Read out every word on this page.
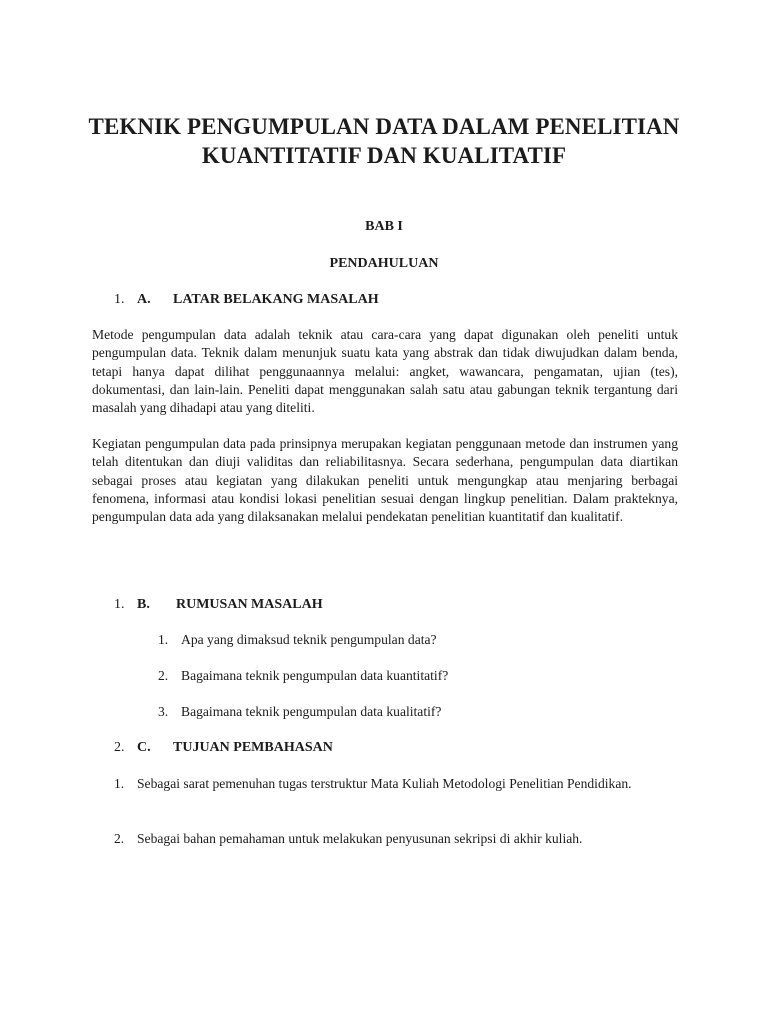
TEKNIK PENGUMPULAN DATA DALAM PENELITIAN
KUANTITATIF DAN KUALITATIF
BAB I
PENDAHULUAN
1. A. LATAR BELAKANG MASALAH
Metode pengumpulan data adalah teknik atau cara-cara yang dapat digunakan oleh peneliti untuk pengumpulan data. Teknik dalam menunjuk suatu kata yang abstrak dan tidak diwujudkan dalam benda, tetapi hanya dapat dilihat penggunaannya melalui: angket, wawancara, pengamatan, ujian (tes), dokumentasi, dan lain-lain. Peneliti dapat menggunakan salah satu atau gabungan teknik tergantung dari masalah yang dihadapi atau yang diteliti.
Kegiatan pengumpulan data pada prinsipnya merupakan kegiatan penggunaan metode dan instrumen yang telah ditentukan dan diuji validitas dan reliabilitasnya. Secara sederhana, pengumpulan data diartikan sebagai proses atau kegiatan yang dilakukan peneliti untuk mengungkap atau menjaring berbagai fenomena, informasi atau kondisi lokasi penelitian sesuai dengan lingkup penelitian. Dalam prakteknya, pengumpulan data ada yang dilaksanakan melalui pendekatan penelitian kuantitatif dan kualitatif.
1. B. RUMUSAN MASALAH
1. Apa yang dimaksud teknik pengumpulan data?
2. Bagaimana teknik pengumpulan data kuantitatif?
3. Bagaimana teknik pengumpulan data kualitatif?
2. C. TUJUAN PEMBAHASAN
1. Sebagai sarat pemenuhan tugas terstruktur Mata Kuliah Metodologi Penelitian Pendidikan.
2. Sebagai bahan pemahaman untuk melakukan penyusunan sekripsi di akhir kuliah.
